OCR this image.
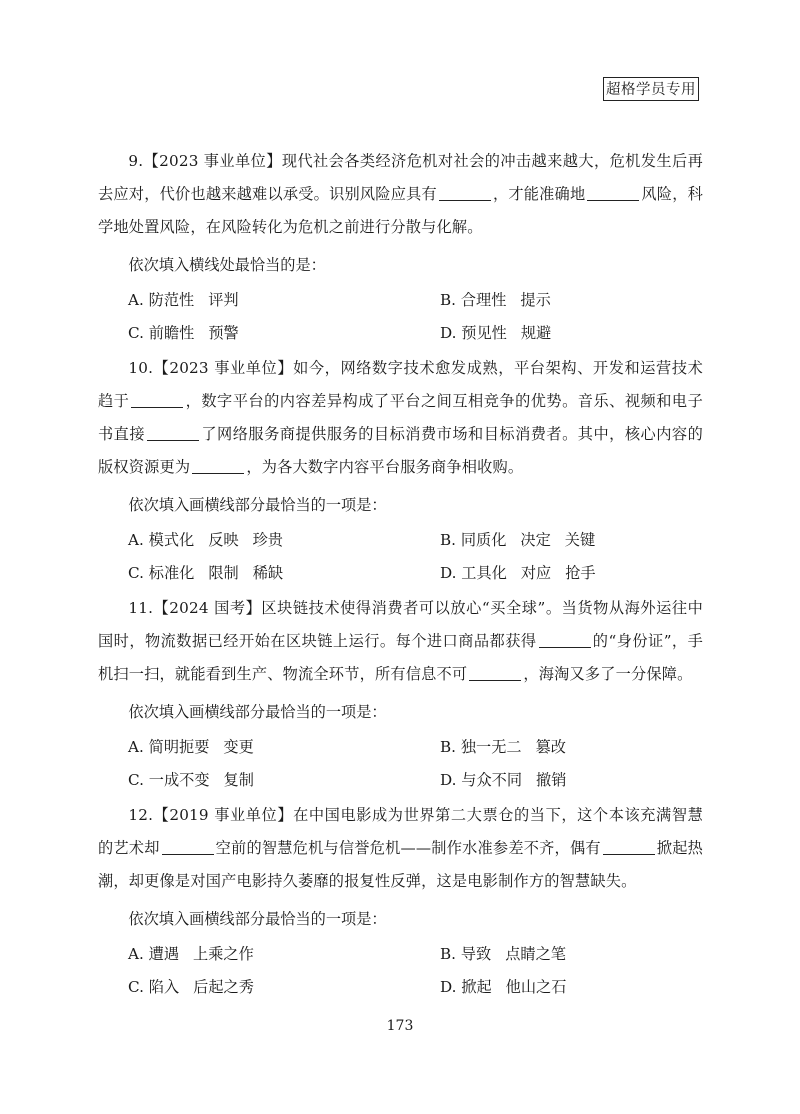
超格学员专用

9.【2023 事业单位】现代社会各类经济危机对社会的冲击越来越大，危机发生后再去应对，代价也越来越难以承受。识别风险应具有	，才能准确地	风险，科学地处置风险，在风险转化为危机之前进行分散与化解。

依次填入横线处最恰当的是：

A. 防范性 评判	B. 合理性 提示
C. 前瞻性 预警	D. 预见性 规避

10.【2023 事业单位】如今，网络数字技术愈发成熟，平台架构、开发和运营技术趋于	，数字平台的内容差异构成了平台之间互相竞争的优势。音乐、视频和电子书直接	了网络服务商提供服务的目标消费市场和目标消费者。其中，核心内容的版权资源更为	，为各大数字内容平台服务商争相收购。

依次填入画横线部分最恰当的一项是：

A. 模式化 反映 珍贵	B. 同质化 决定 关键
C. 标准化 限制 稀缺	D. 工具化 对应 抢手

11.【2024 国考】区块链技术使得消费者可以放心“买全球”。当货物从海外运往中国时，物流数据已经开始在区块链上运行。每个进口商品都获得	的“身份证”，手机扫一扫，就能看到生产、物流全环节，所有信息不可	，海淘又多了一分保障。

依次填入画横线部分最恰当的一项是：

A. 简明扼要 变更	B. 独一无二 篡改
C. 一成不变 复制	D. 与众不同 撤销

12.【2019 事业单位】在中国电影成为世界第二大票仓的当下，这个本该充满智慧的艺术却	空前的智慧危机与信誉危机——制作水准参差不齐，偶有	掀起热潮，却更像是对国产电影持久萎靡的报复性反弹，这是电影制作方的智慧缺失。

依次填入画横线部分最恰当的一项是：

A. 遭遇 上乘之作	B. 导致 点睛之笔
C. 陷入 后起之秀	D. 掀起 他山之石
173
